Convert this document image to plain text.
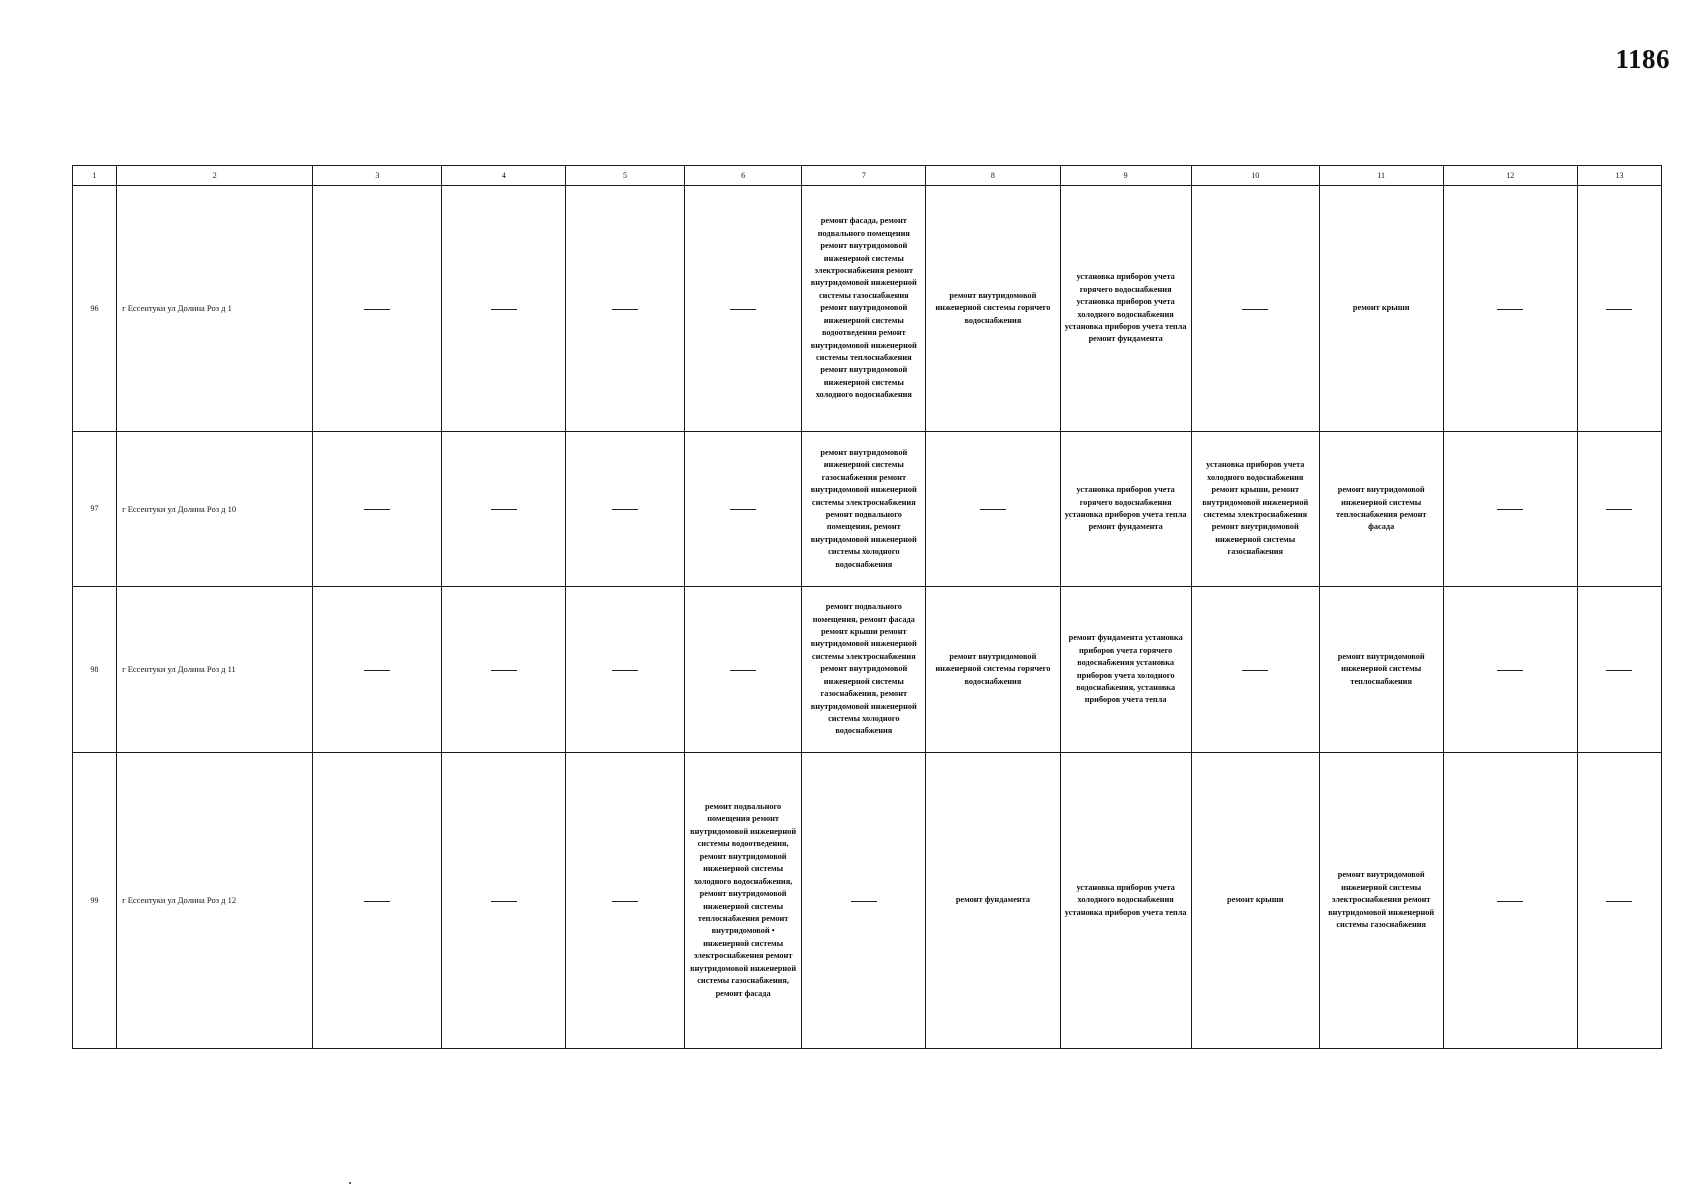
1186
1	2	3	4	5	6	7	8	9	10	11	12	13
96	г Ессентуки ул Долина Роз д 1					ремонт фасада, ремонт подвального помещения ремонт внутридомовой инженерной системы электроснабжения ремонт внутридомовой инженерной системы газоснабжения ремонт внутридомовой инженерной системы водоотведения ремонт внутридомовой инженерной системы теплоснабжения ремонт внутридомовой инженерной системы холодного водоснабжения	ремонт внутридомовой инженерной системы горячего водоснабжения	установка приборов учета горячего водоснабжения установка приборов учета холодного водоснабжения установка приборов учета тепла ремонт фундамента		ремонт крыши		
97	г Ессентуки ул Долина Роз д 10					ремонт внутридомовой инженерной системы газоснабжения ремонт внутридомовой инженерной системы электроснабжения ремонт подвального помещения, ремонт внутридомовой инженерной системы холодного водоснабжения		установка приборов учета горячего водоснабжения установка приборов учета тепла ремонт фундамента	установка приборов учета холодного водоснабжения ремонт крыши, ремонт внутридомовой инженерной системы электроснабжения ремонт внутридомовой инженерной системы газоснабжения	ремонт внутридомовой инженерной системы теплоснабжения ремонт фасада		
98	г Ессентуки ул Долина Роз д 11					ремонт подвального помещения, ремонт фасада ремонт крыши ремонт внутридомовой инженерной системы электроснабжения ремонт внутридомовой инженерной системы газоснабжения, ремонт внутридомовой инженерной системы холодного водоснабжения	ремонт внутридомовой инженерной системы горячего водоснабжения	ремонт фундамента установка приборов учета горячего водоснабжения установка приборов учета холодного водоснабжения, установка приборов учета тепла		ремонт внутридомовой инженерной системы теплоснабжения		
99	г Ессентуки ул Долина Роз д 12				ремонт подвального помещения ремонт внутридомовой инженерной системы водоотведения, ремонт внутридомовой инженерной системы холодного водоснабжения, ремонт внутридомовой инженерной системы теплоснабжения ремонт внутридомовой • инженерной системы электроснабжения ремонт внутридомовой инженерной системы газоснабжения, ремонт фасада		ремонт фундамента	установка приборов учета холодного водоснабжения установка приборов учета тепла	ремонт крыши	ремонт внутридомовой инженерной системы электроснабжения ремонт внутридомовой инженерной системы газоснабжения		
